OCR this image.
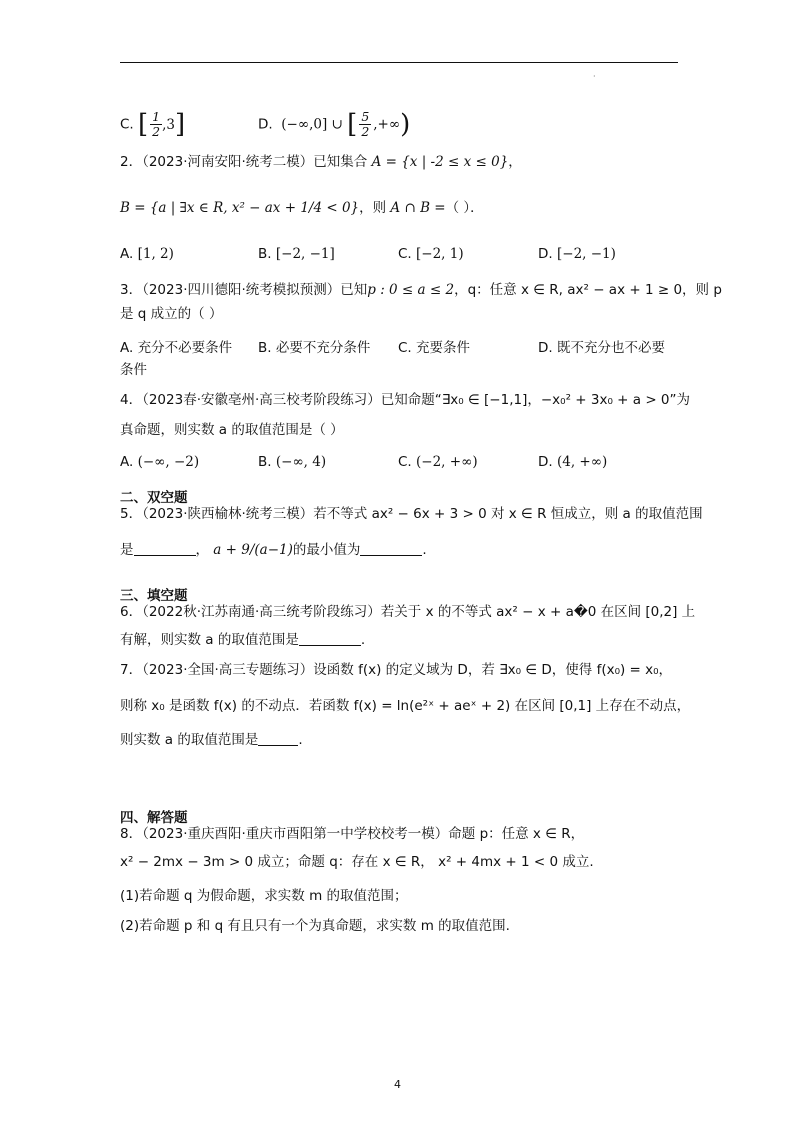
·
C. [ $\frac{1}{2} ,3$]	D.  (−∞,0] ∪ [ $\frac{5}{2}$ ,+∞)
2．（2023·河南安阳·统考二模）已知集合 A = {x | -2 ≤ x ≤ 0}，
B = {a | ∃x ∈ R, x² − ax + 1/4 < 0}，则 A ∩ B =（ ）．
A. [1, 2)	B. [−2, −1]	C. [−2, 1)	D. [−2, −1)
3．（2023·四川德阳·统考模拟预测）已知p : 0 ≤ a ≤ 2，q：任意 x ∈ R, ax² − ax + 1 ≥ 0，则 p
是 q 成立的（ ）
A. 充分不必要条件 B. 必要不充分条件 C. 充要条件	D. 既不充分也不必要
条件
4．（2023春·安徽亳州·高三校考阶段练习）已知命题“∃x₀ ∈ [−1,1]，−x₀² + 3x₀ + a > 0”为
真命题，则实数 a 的取值范围是（ ）
A. (−∞, −2)	B. (−∞, 4)	C. (−2, +∞)	D. (4, +∞)
二、双空题
5．（2023·陕西榆林·统考三模）若不等式 ax² − 6x + 3 > 0 对 x ∈ R 恒成立，则 a 的取值范围
是	， a + 9/(a−1)的最小值为	.
三、填空题
6．（2022秋·江苏南通·高三统考阶段练习）若关于 x 的不等式 ax² − x + a�0 在区间 [0,2] 上
有解，则实数 a 的取值范围是	.
7．（2023·全国·高三专题练习）设函数 f(x) 的定义域为 D，若 ∃x₀ ∈ D，使得 f(x₀) = x₀，
则称 x₀ 是函数 f(x) 的不动点．若函数 f(x) = ln(e²ˣ + aeˣ + 2) 在区间 [0,1] 上存在不动点，
则实数 a 的取值范围是	.
四、解答题
8．（2023·重庆酉阳·重庆市酉阳第一中学校校考一模）命题 p：任意 x ∈ R，
x² − 2mx − 3m > 0 成立；命题 q：存在 x ∈ R， x² + 4mx + 1 < 0 成立.
(1)若命题 q 为假命题，求实数 m 的取值范围；
(2)若命题 p 和 q 有且只有一个为真命题，求实数 m 的取值范围.
4
